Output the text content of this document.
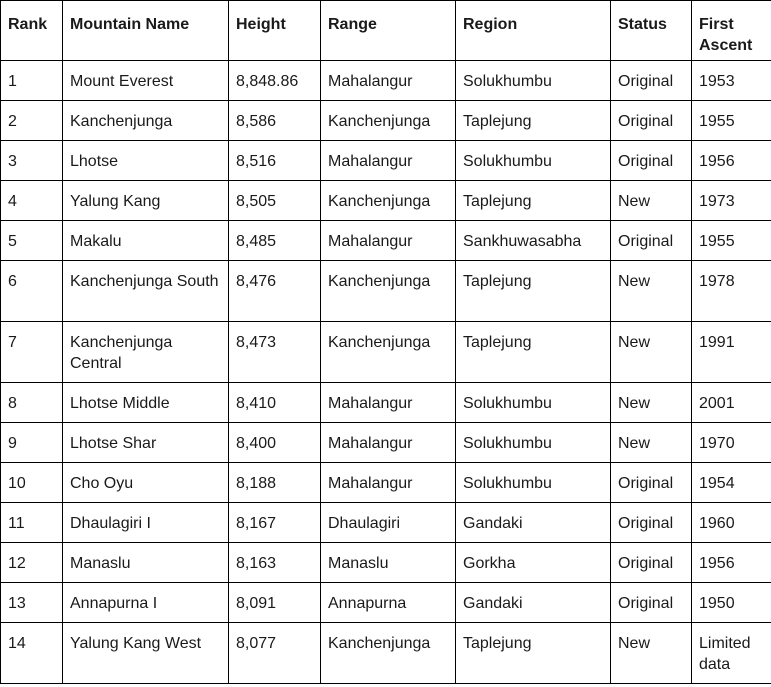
Rank	Mountain Name	Height	Range	Region	Status	First Ascent
1	Mount Everest	8,848.86	Mahalangur	Solukhumbu	Original	1953
2	Kanchenjunga	8,586	Kanchenjunga	Taplejung	Original	1955
3	Lhotse	8,516	Mahalangur	Solukhumbu	Original	1956
4	Yalung Kang	8,505	Kanchenjunga	Taplejung	New	1973
5	Makalu	8,485	Mahalangur	Sankhuwasabha	Original	1955
6	Kanchenjunga South	8,476	Kanchenjunga	Taplejung	New	1978
7	Kanchenjunga Central	8,473	Kanchenjunga	Taplejung	New	1991
8	Lhotse Middle	8,410	Mahalangur	Solukhumbu	New	2001
9	Lhotse Shar	8,400	Mahalangur	Solukhumbu	New	1970
10	Cho Oyu	8,188	Mahalangur	Solukhumbu	Original	1954
11	Dhaulagiri I	8,167	Dhaulagiri	Gandaki	Original	1960
12	Manaslu	8,163	Manaslu	Gorkha	Original	1956
13	Annapurna I	8,091	Annapurna	Gandaki	Original	1950
14	Yalung Kang West	8,077	Kanchenjunga	Taplejung	New	Limited data
